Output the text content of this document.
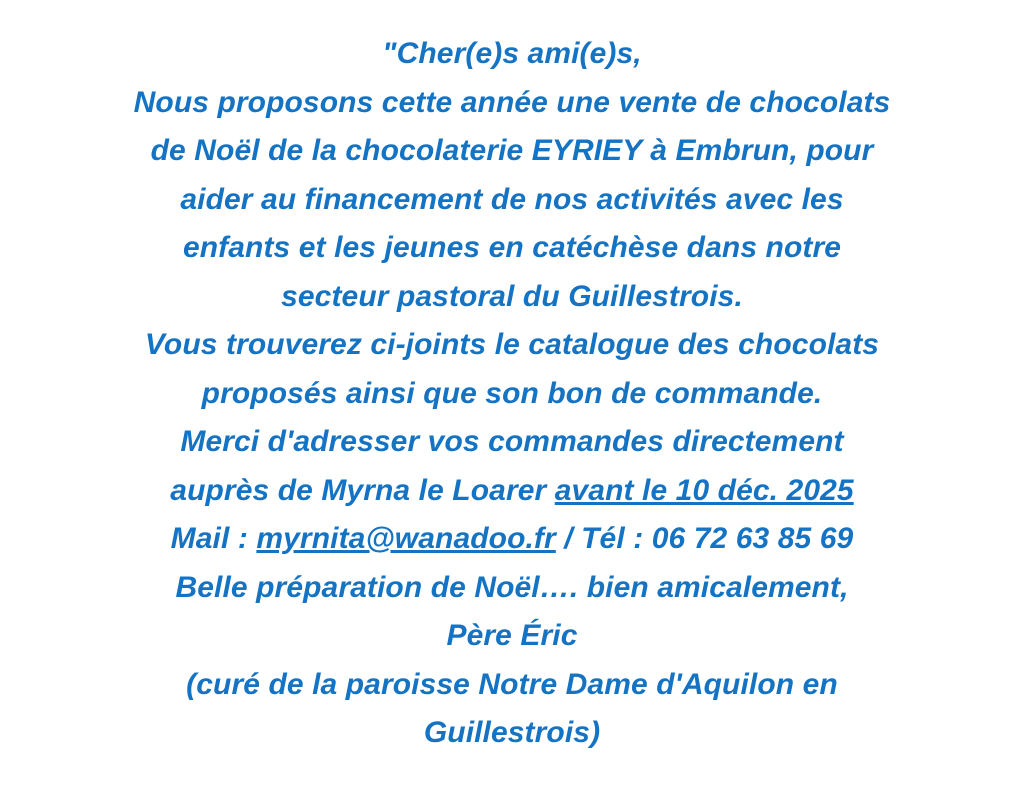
"Cher(e)s ami(e)s,
Nous proposons cette année une vente de chocolats
de Noël de la chocolaterie EYRIEY à Embrun, pour
aider au financement de nos activités avec les
enfants et les jeunes en catéchèse dans notre
secteur pastoral du Guillestrois.
Vous trouverez ci-joints le catalogue des chocolats
proposés ainsi que son bon de commande.
Merci d'adresser vos commandes directement
auprès de Myrna le Loarer avant le 10 déc. 2025
Mail : myrnita@wanadoo.fr / Tél : 06 72 63 85 69
Belle préparation de Noël…. bien amicalement,
Père Éric
(curé de la paroisse Notre Dame d'Aquilon en
Guillestrois)
